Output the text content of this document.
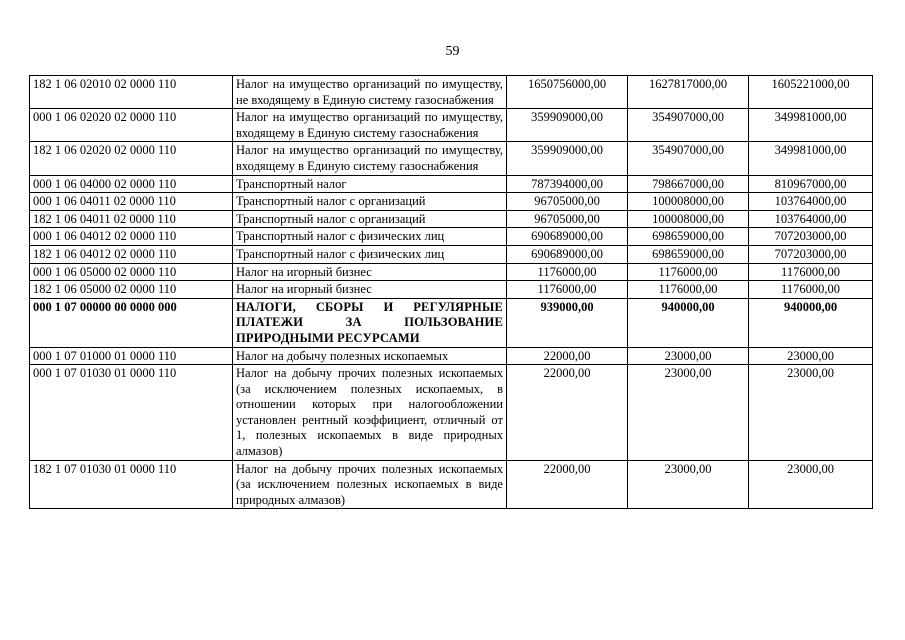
59
182 1 06 02010 02 0000 110	Налог на имущество организаций по имуществу, не входящему в Единую систему газоснабжения	1650756000,00	1627817000,00	1605221000,00
000 1 06 02020 02 0000 110	Налог на имущество организаций по имуществу, входящему в Единую систему газоснабжения	359909000,00	354907000,00	349981000,00
182 1 06 02020 02 0000 110	Налог на имущество организаций по имуществу, входящему в Единую систему газоснабжения	359909000,00	354907000,00	349981000,00
000 1 06 04000 02 0000 110	Транспортный налог	787394000,00	798667000,00	810967000,00
000 1 06 04011 02 0000 110	Транспортный налог с организаций	96705000,00	100008000,00	103764000,00
182 1 06 04011 02 0000 110	Транспортный налог с организаций	96705000,00	100008000,00	103764000,00
000 1 06 04012 02 0000 110	Транспортный налог с физических лиц	690689000,00	698659000,00	707203000,00
182 1 06 04012 02 0000 110	Транспортный налог с физических лиц	690689000,00	698659000,00	707203000,00
000 1 06 05000 02 0000 110	Налог на игорный бизнес	1176000,00	1176000,00	1176000,00
182 1 06 05000 02 0000 110	Налог на игорный бизнес	1176000,00	1176000,00	1176000,00
000 1 07 00000 00 0000 000	НАЛОГИ, СБОРЫ И РЕГУЛЯРНЫЕ ПЛАТЕЖИ ЗА ПОЛЬЗОВАНИЕ ПРИРОДНЫМИ РЕСУРСАМИ	939000,00	940000,00	940000,00
000 1 07 01000 01 0000 110	Налог на добычу полезных ископаемых	22000,00	23000,00	23000,00
000 1 07 01030 01 0000 110	Налог на добычу прочих полезных ископаемых (за исключением полезных ископаемых, в отношении которых при налогообложении установлен рентный коэффициент, отличный от 1, полезных ископаемых в виде природных алмазов)	22000,00	23000,00	23000,00
182 1 07 01030 01 0000 110	Налог на добычу прочих полезных ископаемых (за исключением полезных ископаемых в виде природных алмазов)	22000,00	23000,00	23000,00
